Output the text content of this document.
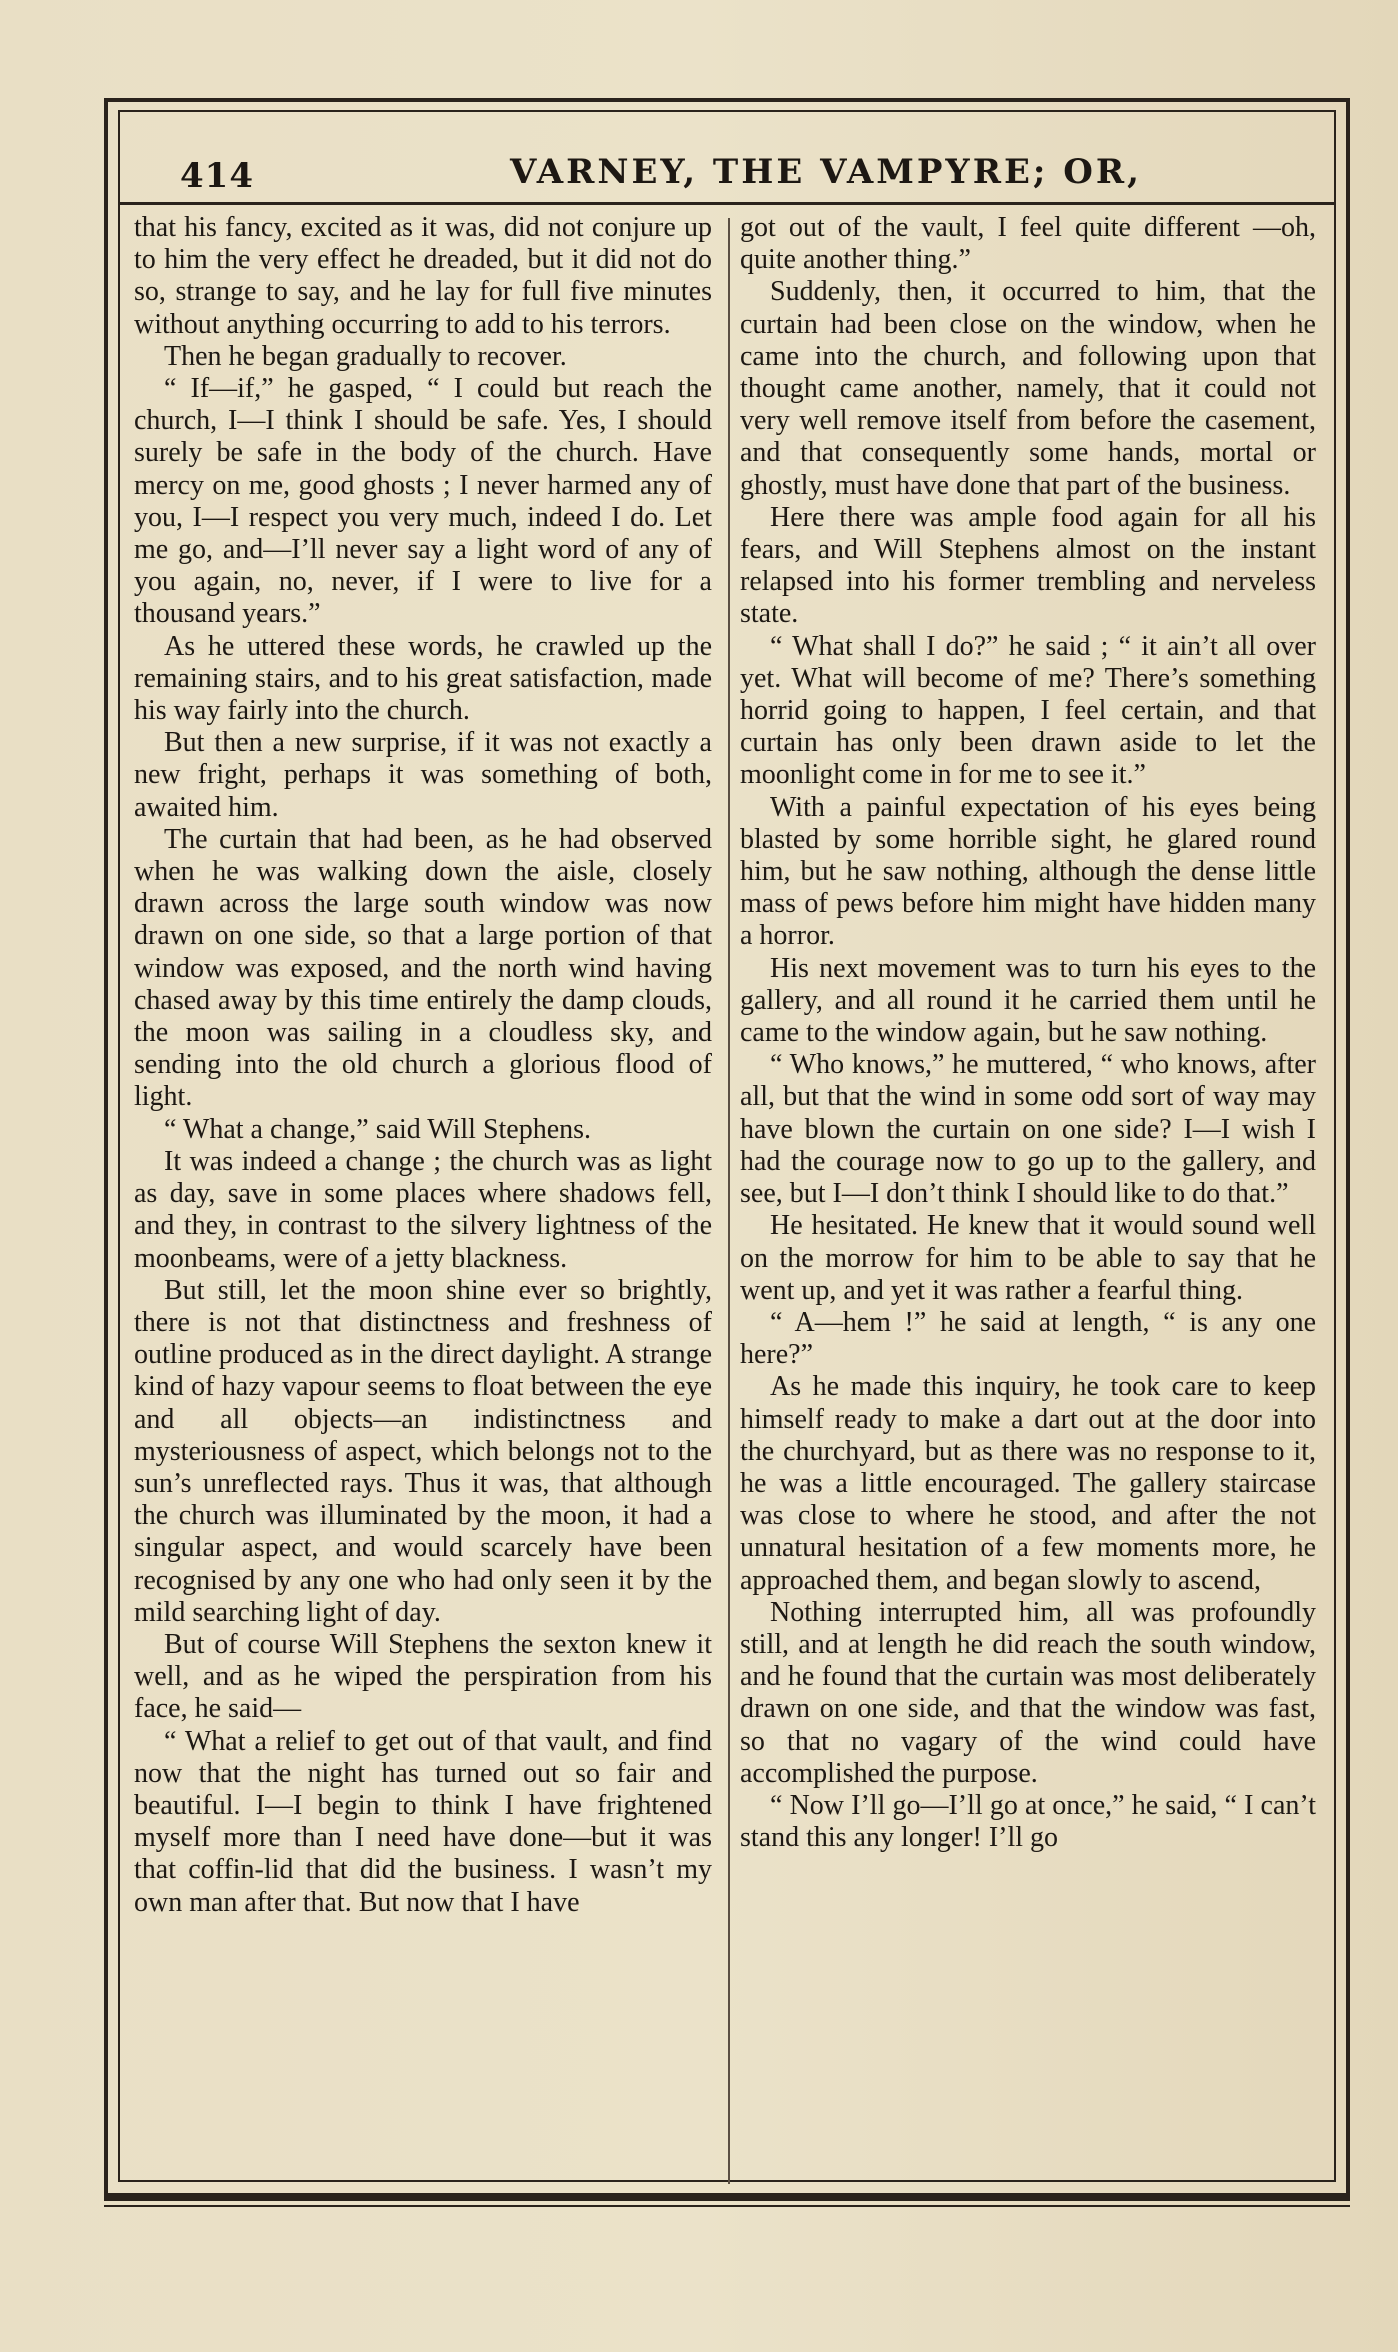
414	VARNEY, THE VAMPYRE; OR,

that his fancy, excited as it was, did not conjure up to him the very effect he dreaded, but it did not do so, strange to say, and he lay for full five minutes without anything occurring to add to his terrors.

Then he began gradually to recover.

“ If—if,” he gasped, “ I could but reach the church, I—I think I should be safe. Yes, I should surely be safe in the body of the church. Have mercy on me, good ghosts ; I never harmed any of you, I—I respect you very much, indeed I do. Let me go, and—I’ll never say a light word of any of you again, no, never, if I were to live for a thousand years.”

As he uttered these words, he crawled up the remaining stairs, and to his great satisfaction, made his way fairly into the church.

But then a new surprise, if it was not exactly a new fright, perhaps it was something of both, awaited him.

The curtain that had been, as he had observed when he was walking down the aisle, closely drawn across the large south window was now drawn on one side, so that a large portion of that window was exposed, and the north wind having chased away by this time entirely the damp clouds, the moon was sailing in a cloudless sky, and sending into the old church a glorious flood of light.

“ What a change,” said Will Stephens.

It was indeed a change ; the church was as light as day, save in some places where shadows fell, and they, in contrast to the silvery lightness of the moonbeams, were of a jetty blackness.

But still, let the moon shine ever so brightly, there is not that distinctness and freshness of outline produced as in the direct daylight. A strange kind of hazy vapour seems to float between the eye and all objects—an indistinctness and mysteriousness of aspect, which belongs not to the sun’s unreflected rays. Thus it was, that although the church was illuminated by the moon, it had a singular aspect, and would scarcely have been recognised by any one who had only seen it by the mild searching light of day.

But of course Will Stephens the sexton knew it well, and as he wiped the perspiration from his face, he said—

“ What a relief to get out of that vault, and find now that the night has turned out so fair and beautiful. I—I begin to think I have frightened myself more than I need have done—but it was that coffin-lid that did the business. I wasn’t my own man after that. But now that I have

got out of the vault, I feel quite different —oh, quite another thing.”

Suddenly, then, it occurred to him, that the curtain had been close on the window, when he came into the church, and following upon that thought came another, namely, that it could not very well remove itself from before the casement, and that consequently some hands, mortal or ghostly, must have done that part of the business.

Here there was ample food again for all his fears, and Will Stephens almost on the instant relapsed into his former trembling and nerveless state.

“ What shall I do?” he said ; “ it ain’t all over yet. What will become of me? There’s something horrid going to happen, I feel certain, and that curtain has only been drawn aside to let the moonlight come in for me to see it.”

With a painful expectation of his eyes being blasted by some horrible sight, he glared round him, but he saw nothing, although the dense little mass of pews before him might have hidden many a horror.

His next movement was to turn his eyes to the gallery, and all round it he carried them until he came to the window again, but he saw nothing.

“ Who knows,” he muttered, “ who knows, after all, but that the wind in some odd sort of way may have blown the curtain on one side? I—I wish I had the courage now to go up to the gallery, and see, but I—I don’t think I should like to do that.”

He hesitated. He knew that it would sound well on the morrow for him to be able to say that he went up, and yet it was rather a fearful thing.

“ A—hem !” he said at length, “ is any one here?”

As he made this inquiry, he took care to keep himself ready to make a dart out at the door into the churchyard, but as there was no response to it, he was a little encouraged. The gallery staircase was close to where he stood, and after the not unnatural hesitation of a few moments more, he approached them, and began slowly to ascend,

Nothing interrupted him, all was profoundly still, and at length he did reach the south window, and he found that the curtain was most deliberately drawn on one side, and that the window was fast, so that no vagary of the wind could have accomplished the purpose.

“ Now I’ll go—I’ll go at once,” he said, “ I can’t stand this any longer! I’ll go
